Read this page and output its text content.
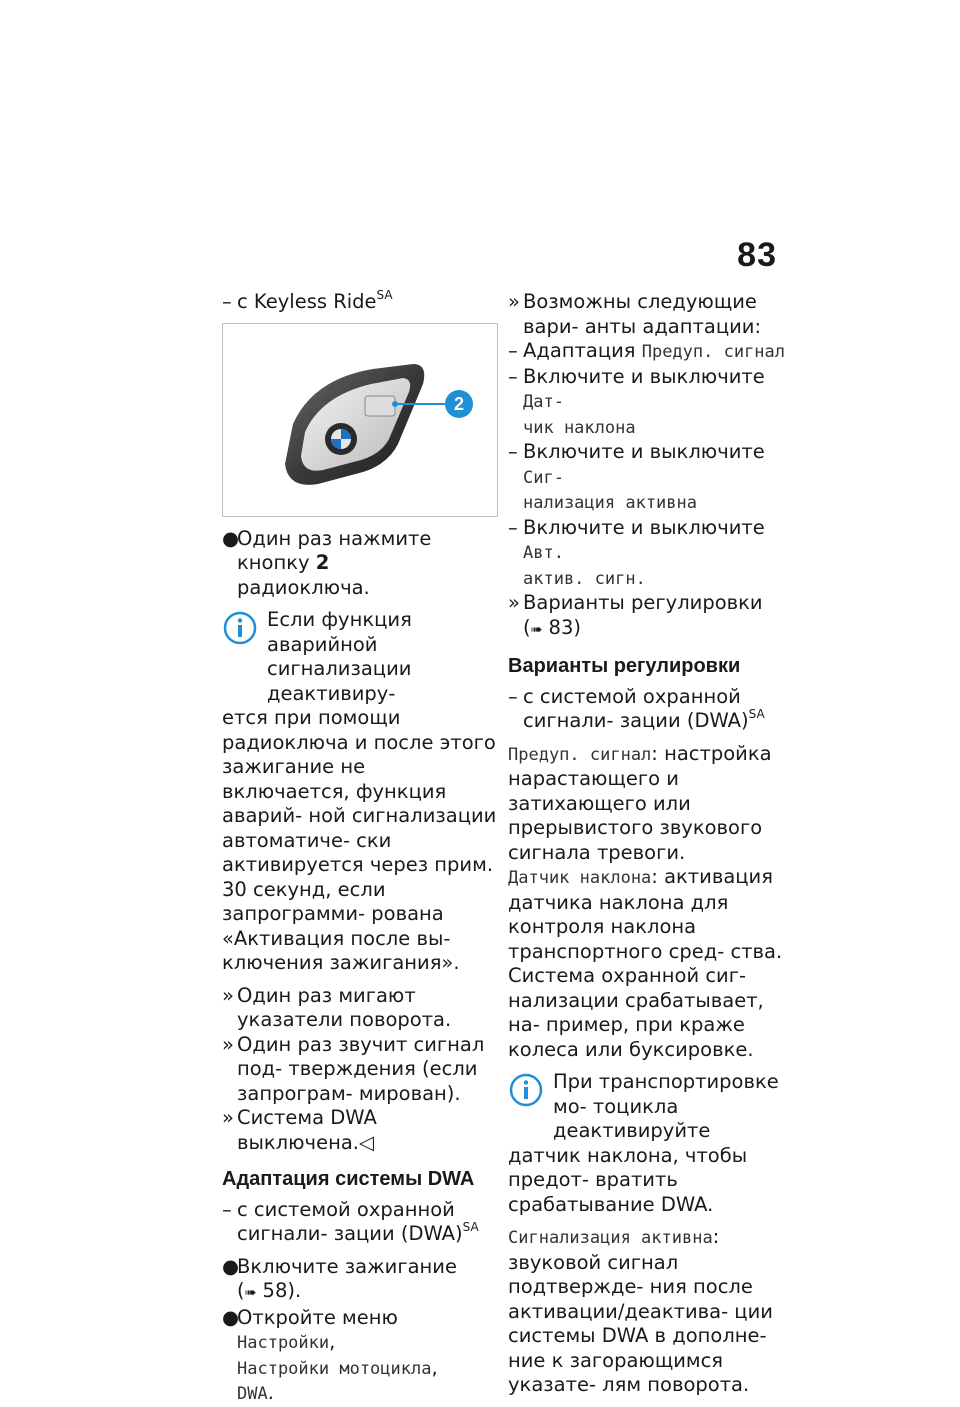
83
– с Keyless Ride$^{SA}$
2
●
Один раз нажмите кнопку 2
радиоключа.
Если функция аварийной сигнализации деактивиру-
ется при помощи радиоключа и после этого зажигание не включается, функция аварий- ной сигнализации автоматиче- ски активируется через прим. 30 секунд, если запрограмми- рована «Активация после вы- ключения зажигания».
» Один раз мигают указатели поворота.
» Один раз звучит сигнал под- тверждения (если запрограм- мирован).
» Система DWA выключена.◁
Адаптация системы DWA
– с системой охранной сигнали- зации (DWA)$^{SA}$
●
Включите зажигание (➠ 58).
●
Откройте меню Настройки,
Настройки мотоцикла,
DWA.
» Возможны следующие вари- анты адаптации:
– Адаптация Предуп. сигнал
– Включите и выключите Дат-
чик наклона
– Включите и выключите Сиг-
нализация активна
– Включите и выключите Авт.
актив. сигн.
» Варианты регулировки (➠ 83)
Варианты регулировки
– с системой охранной сигнали- зации (DWA)$^{SA}$
Предуп. сигнал: настройка нарастающего и затихающего или прерывистого звукового сигнала тревоги.
Датчик наклона: активация датчика наклона для контроля наклона транспортного сред- ства. Система охранной сиг- нализации срабатывает, на- пример, при краже колеса или буксировке.
При транспортировке мо- тоцикла деактивируйте
датчик наклона, чтобы предот- вратить срабатывание DWA.
Сигнализация активна: звуковой сигнал подтвержде- ния после активации/деактива- ции системы DWA в дополне- ние к загорающимся указате- лям поворота.
